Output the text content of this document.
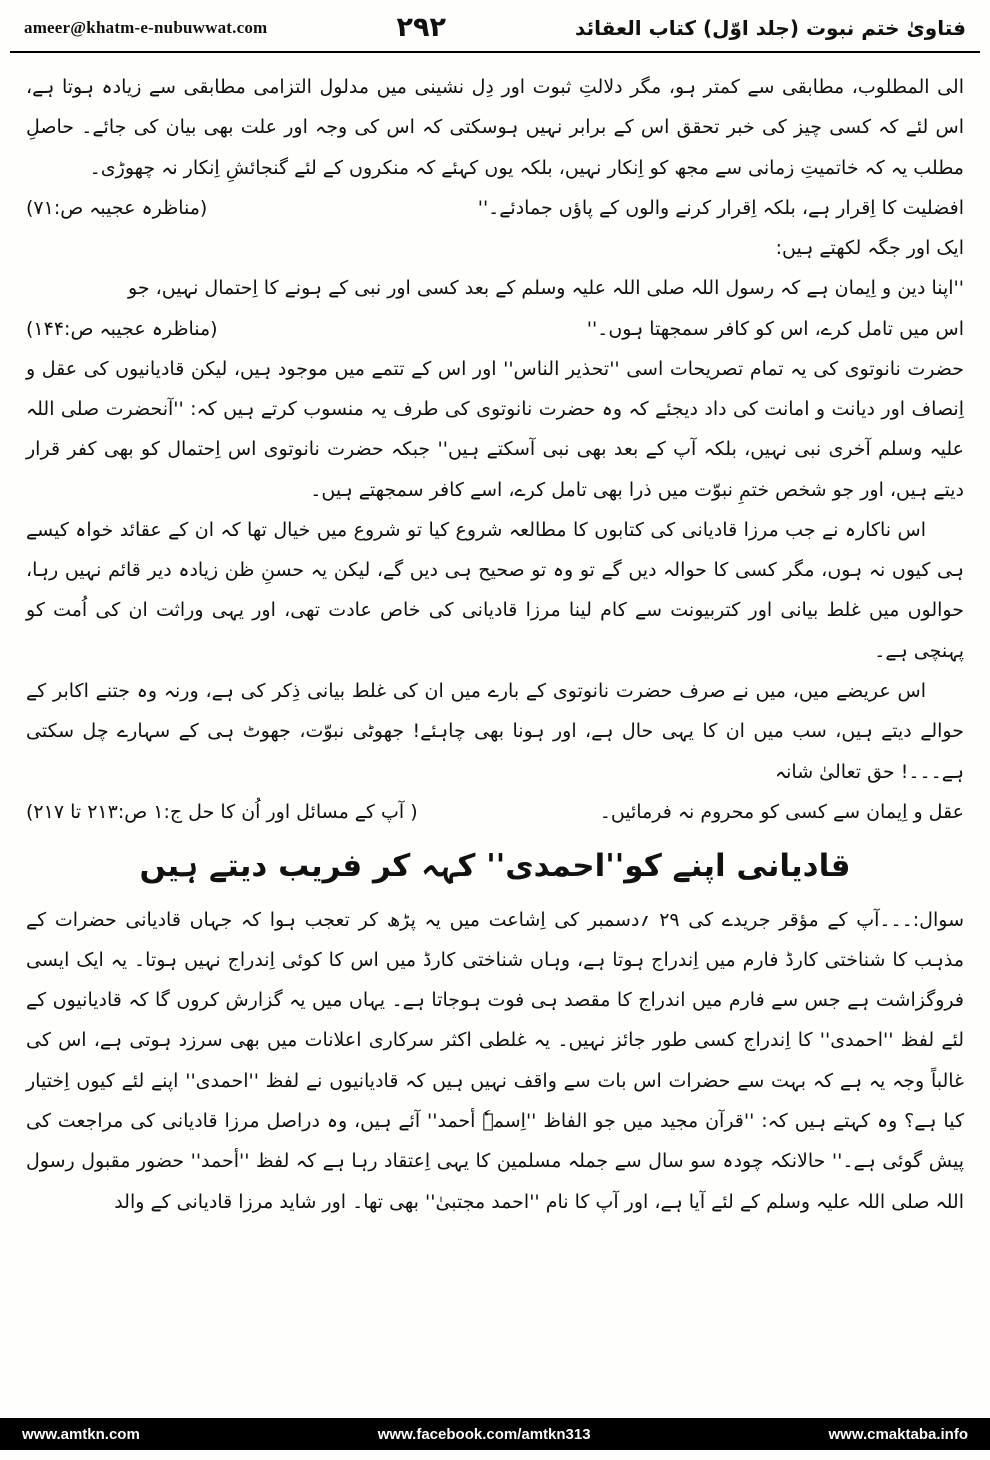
ameer@khatm-e-nubuwwat.com	۲۹۲	فتاویٰ ختم نبوت (جلد اوّل) کتاب العقائد

الی المطلوب، مطابقی سے کمتر ہو، مگر دلالتِ ثبوت اور دِل نشینی میں مدلول التزامی مطابقی سے زیادہ ہوتا ہے، اس لئے کہ کسی چیز کی خبر تحقق اس کے برابر نہیں ہوسکتی کہ اس کی وجہ اور علت بھی بیان کی جائے۔ حاصلِ مطلب یہ کہ خاتمیتِ زمانی سے مجھ کو اِنکار نہیں، بلکہ یوں کہئے کہ منکروں کے لئے گنجائشِ اِنکار نہ چھوڑی۔

افضلیت کا اِقرار ہے، بلکہ اِقرار کرنے والوں کے پاؤں جمادئے۔''
(مناظرہ عجیبہ ص:۷۱)

ایک اور جگہ لکھتے ہیں:

''اپنا دین و اِیمان ہے کہ رسول اللہ صلی اللہ علیہ وسلم کے بعد کسی اور نبی کے ہونے کا اِحتمال نہیں، جو

اس میں تامل کرے، اس کو کافر سمجھتا ہوں۔''
(مناظرہ عجیبہ ص:۱۴۴)

حضرت نانوتوی کی یہ تمام تصریحات اسی ''تحذیر الناس'' اور اس کے تتمے میں موجود ہیں، لیکن قادیانیوں کی عقل و اِنصاف اور دیانت و امانت کی داد دیجئے کہ وہ حضرت نانوتوی کی طرف یہ منسوب کرتے ہیں کہ: ''آنحضرت صلی اللہ علیہ وسلم آخری نبی نہیں، بلکہ آپ کے بعد بھی نبی آسکتے ہیں'' جبکہ حضرت نانوتوی اس اِحتمال کو بھی کفر قرار دیتے ہیں، اور جو شخص ختمِ نبوّت میں ذرا بھی تامل کرے، اسے کافر سمجھتے ہیں۔

اس ناکارہ نے جب مرزا قادیانی کی کتابوں کا مطالعہ شروع کیا تو شروع میں خیال تھا کہ ان کے عقائد خواہ کیسے ہی کیوں نہ ہوں، مگر کسی کا حوالہ دیں گے تو وہ تو صحیح ہی دیں گے، لیکن یہ حسنِ ظن زیادہ دیر قائم نہیں رہا، حوالوں میں غلط بیانی اور کتربیونت سے کام لینا مرزا قادیانی کی خاص عادت تھی، اور یہی وراثت ان کی اُمت کو پہنچی ہے۔

اس عریضے میں، میں نے صرف حضرت نانوتوی کے بارے میں ان کی غلط بیانی ذِکر کی ہے، ورنہ وہ جتنے اکابر کے حوالے دیتے ہیں، سب میں ان کا یہی حال ہے، اور ہونا بھی چاہئے! جھوٹی نبوّت، جھوٹ ہی کے سہارے چل سکتی ہے۔۔۔! حق تعالیٰ شانہ

عقل و اِیمان سے کسی کو محروم نہ فرمائیں۔
( آپ کے مسائل اور اُن کا حل ج:۱ ص:۲۱۳ تا ۲۱۷)
قادیانی اپنے کو''احمدی'' کہہ کر فریب دیتے ہیں

سوال:۔۔۔آپ کے مؤقر جریدے کی ۲۹ ؍دسمبر کی اِشاعت میں یہ پڑھ کر تعجب ہوا کہ جہاں قادیانی حضرات کے مذہب کا شناختی کارڈ فارم میں اِندراج ہوتا ہے، وہاں شناختی کارڈ میں اس کا کوئی اِندراج نہیں ہوتا۔ یہ ایک ایسی فروگزاشت ہے جس سے فارم میں اندراج کا مقصد ہی فوت ہوجاتا ہے۔ یہاں میں یہ گزارش کروں گا کہ قادیانیوں کے لئے لفظ ''احمدی'' کا اِندراج کسی طور جائز نہیں۔ یہ غلطی اکثر سرکاری اعلانات میں بھی سرزد ہوتی ہے، اس کی غالباً وجہ یہ ہے کہ بہت سے حضرات اس بات سے واقف نہیں ہیں کہ قادیانیوں نے لفظ ''احمدی'' اپنے لئے کیوں اِختیار کیا ہے؟ وہ کہتے ہیں کہ: ''قرآن مجید میں جو الفاظ ''اِسمہٗ أحمد'' آئے ہیں، وہ دراصل مرزا قادیانی کی مراجعت کی پیش گوئی ہے۔'' حالانکہ چودہ سو سال سے جملہ مسلمین کا یہی اِعتقاد رہا ہے کہ لفظ ''أحمد'' حضور مقبول رسول اللہ صلی اللہ علیہ وسلم کے لئے آیا ہے، اور آپ کا نام ''احمد مجتبیٰ'' بھی تھا۔ اور شاید مرزا قادیانی کے والد

www.amtkn.com	www.facebook.com/amtkn313	www.cmaktaba.info
